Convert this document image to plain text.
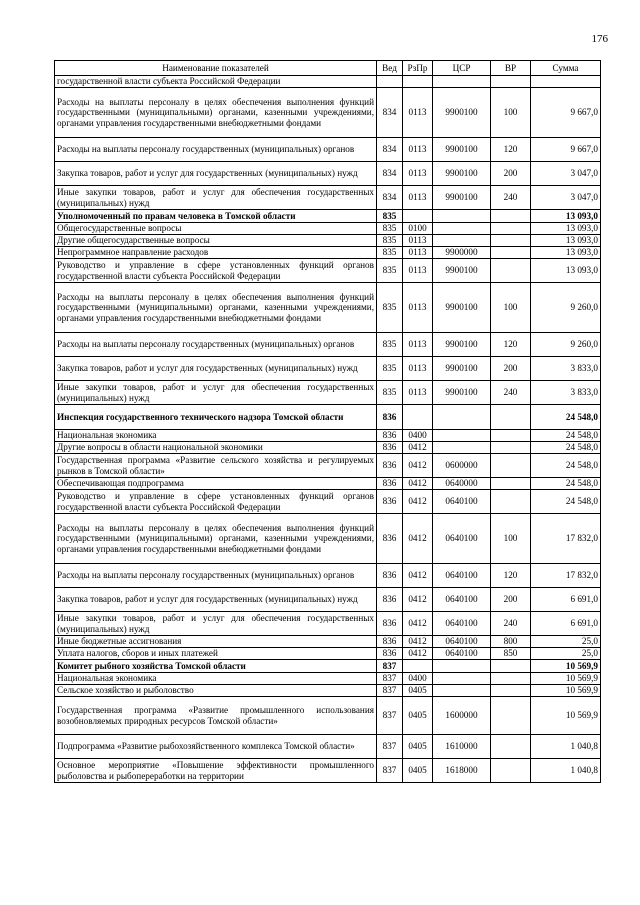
176
Наименование показателей	Вед	РзПр	ЦСР	ВР	Сумма
государственной власти субъекта Российской Федерации					
Расходы на выплаты персоналу в целях обеспечения выполнения функций государственными (муниципальными) органами, казенными учреждениями, органами управления государственными внебюджетными фондами	834	0113	9900100	100	9 667,0
Расходы на выплаты персоналу государственных (муниципальных) органов	834	0113	9900100	120	9 667,0
Закупка товаров, работ и услуг для государственных (муниципальных) нужд	834	0113	9900100	200	3 047,0
Иные закупки товаров, работ и услуг для обеспечения государственных (муниципальных) нужд	834	0113	9900100	240	3 047,0
Уполномоченный по правам человека в Томской области	835				13 093,0
Общегосударственные вопросы	835	0100			13 093,0
Другие общегосударственные вопросы	835	0113			13 093,0
Непрограммное направление расходов	835	0113	9900000		13 093,0
Руководство и управление в сфере установленных функций органов государственной власти субъекта Российской Федерации	835	0113	9900100		13 093,0
Расходы на выплаты персоналу в целях обеспечения выполнения функций государственными (муниципальными) органами, казенными учреждениями, органами управления государственными внебюджетными фондами	835	0113	9900100	100	9 260,0
Расходы на выплаты персоналу государственных (муниципальных) органов	835	0113	9900100	120	9 260,0
Закупка товаров, работ и услуг для государственных (муниципальных) нужд	835	0113	9900100	200	3 833,0
Иные закупки товаров, работ и услуг для обеспечения государственных (муниципальных) нужд	835	0113	9900100	240	3 833,0
Инспекция государственного технического надзора Томской области	836				24 548,0
Национальная экономика	836	0400			24 548,0
Другие вопросы в области национальной экономики	836	0412			24 548,0
Государственная программа «Развитие сельского хозяйства и регулируемых рынков в Томской области»	836	0412	0600000		24 548,0
Обеспечивающая подпрограмма	836	0412	0640000		24 548,0
Руководство и управление в сфере установленных функций органов государственной власти субъекта Российской Федерации	836	0412	0640100		24 548,0
Расходы на выплаты персоналу в целях обеспечения выполнения функций государственными (муниципальными) органами, казенными учреждениями, органами управления государственными внебюджетными фондами	836	0412	0640100	100	17 832,0
Расходы на выплаты персоналу государственных (муниципальных) органов	836	0412	0640100	120	17 832,0
Закупка товаров, работ и услуг для государственных (муниципальных) нужд	836	0412	0640100	200	6 691,0
Иные закупки товаров, работ и услуг для обеспечения государственных (муниципальных) нужд	836	0412	0640100	240	6 691,0
Иные бюджетные ассигнования	836	0412	0640100	800	25,0
Уплата налогов, сборов и иных платежей	836	0412	0640100	850	25,0
Комитет рыбного хозяйства Томской области	837				10 569,9
Национальная экономика	837	0400			10 569,9
Сельское хозяйство и рыболовство	837	0405			10 569,9
Государственная программа «Развитие промышленного использования возобновляемых природных ресурсов Томской области»	837	0405	1600000		10 569,9
Подпрограмма «Развитие рыбохозяйственного комплекса Томской области»	837	0405	1610000		1 040,8
Основное мероприятие «Повышение эффективности промышленного рыболовства и рыбопереработки на территории	837	0405	1618000		1 040,8
